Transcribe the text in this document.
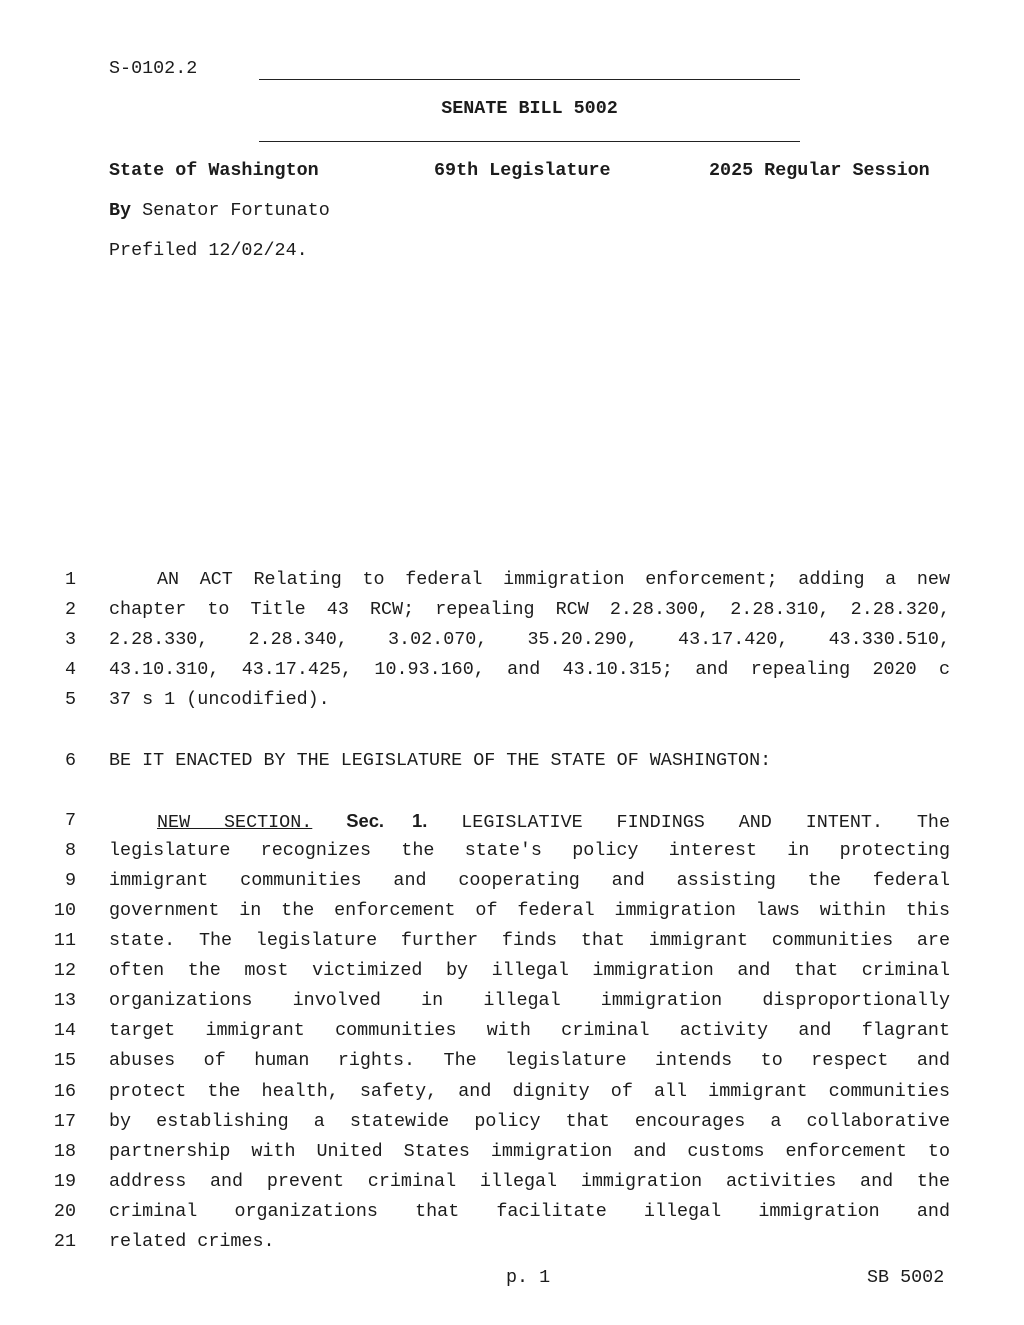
S-0102.2
SENATE BILL 5002
State of Washington	69th Legislature	2025 Regular Session
By Senator Fortunato
Prefiled 12/02/24.
1
2
3
4
5
6
7
8
9
10
11
12
13
14
15
16
17
18
19
20
21
AN ACT Relating to federal immigration enforcement; adding a new
chapter to Title 43 RCW; repealing RCW 2.28.300, 2.28.310, 2.28.320,
2.28.330, 2.28.340, 3.02.070, 35.20.290, 43.17.420, 43.330.510,
43.10.310, 43.17.425, 10.93.160, and 43.10.315; and repealing 2020 c
37 s 1 (uncodified).
BE IT ENACTED BY THE LEGISLATURE OF THE STATE OF WASHINGTON:
NEW SECTION. Sec. 1. LEGISLATIVE FINDINGS AND INTENT. The
legislature recognizes the state's policy interest in protecting
immigrant communities and cooperating and assisting the federal
government in the enforcement of federal immigration laws within this
state. The legislature further finds that immigrant communities are
often the most victimized by illegal immigration and that criminal
organizations involved in illegal immigration disproportionally
target immigrant communities with criminal activity and flagrant
abuses of human rights. The legislature intends to respect and
protect the health, safety, and dignity of all immigrant communities
by establishing a statewide policy that encourages a collaborative
partnership with United States immigration and customs enforcement to
address and prevent criminal illegal immigration activities and the
criminal organizations that facilitate illegal immigration and
related crimes.
p. 1	SB 5002
